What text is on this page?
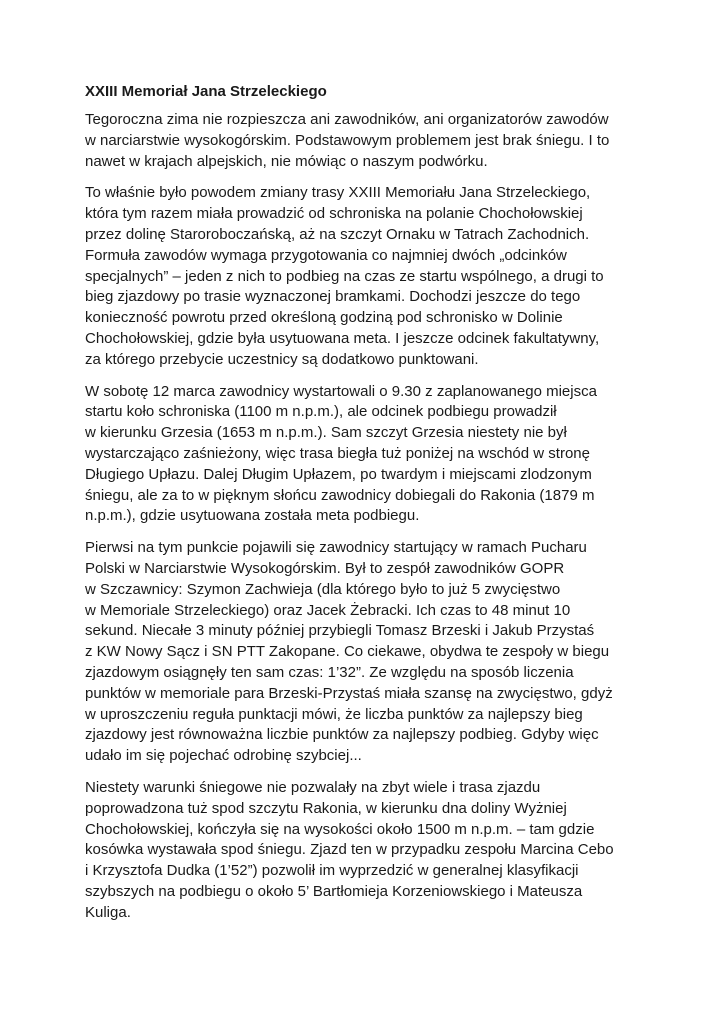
XXIII Memoriał Jana Strzeleckiego
Tegoroczna zima nie rozpieszcza ani zawodników, ani organizatorów zawodów
w narciarstwie wysokogórskim. Podstawowym problemem jest brak śniegu. I to
nawet w krajach alpejskich, nie mówiąc o naszym podwórku.
To właśnie było powodem zmiany trasy XXIII Memoriału Jana Strzeleckiego,
która tym razem miała prowadzić od schroniska na polanie Chochołowskiej
przez dolinę Staroroboczańską, aż na szczyt Ornaku w Tatrach Zachodnich.
Formuła zawodów wymaga przygotowania co najmniej dwóch „odcinków
specjalnych” – jeden z nich to podbieg na czas ze startu wspólnego, a drugi to
bieg zjazdowy po trasie wyznaczonej bramkami. Dochodzi jeszcze do tego
konieczność powrotu przed określoną godziną pod schronisko w Dolinie
Chochołowskiej, gdzie była usytuowana meta. I jeszcze odcinek fakultatywny,
za którego przebycie uczestnicy są dodatkowo punktowani.
W sobotę 12 marca zawodnicy wystartowali o 9.30 z zaplanowanego miejsca
startu koło schroniska (1100 m n.p.m.), ale odcinek podbiegu prowadził
w kierunku Grzesia (1653 m n.p.m.). Sam szczyt Grzesia niestety nie był
wystarczająco zaśnieżony, więc trasa biegła tuż poniżej na wschód w stronę
Długiego Upłazu. Dalej Długim Upłazem, po twardym i miejscami zlodzonym
śniegu, ale za to w pięknym słońcu zawodnicy dobiegali do Rakonia (1879 m
n.p.m.), gdzie usytuowana została meta podbiegu.
Pierwsi na tym punkcie pojawili się zawodnicy startujący w ramach Pucharu
Polski w Narciarstwie Wysokogórskim. Był to zespół zawodników GOPR
w Szczawnicy: Szymon Zachwieja (dla którego było to już 5 zwycięstwo
w Memoriale Strzeleckiego) oraz Jacek Żebracki. Ich czas to 48 minut 10
sekund. Niecałe 3 minuty później przybiegli Tomasz Brzeski i Jakub Przystaś
z KW Nowy Sącz i SN PTT Zakopane. Co ciekawe, obydwa te zespoły w biegu
zjazdowym osiągnęły ten sam czas: 1’32”. Ze względu na sposób liczenia
punktów w memoriale para Brzeski-Przystaś miała szansę na zwycięstwo, gdyż
w uproszczeniu reguła punktacji mówi, że liczba punktów za najlepszy bieg
zjazdowy jest równoważna liczbie punktów za najlepszy podbieg. Gdyby więc
udało im się pojechać odrobinę szybciej...
Niestety warunki śniegowe nie pozwalały na zbyt wiele i trasa zjazdu
poprowadzona tuż spod szczytu Rakonia, w kierunku dna doliny Wyżniej
Chochołowskiej, kończyła się na wysokości około 1500 m n.p.m. – tam gdzie
kosówka wystawała spod śniegu. Zjazd ten w przypadku zespołu Marcina Cebo
i Krzysztofa Dudka (1’52”) pozwolił im wyprzedzić w generalnej klasyfikacji
szybszych na podbiegu o około 5’ Bartłomieja Korzeniowskiego i Mateusza
Kuliga.
